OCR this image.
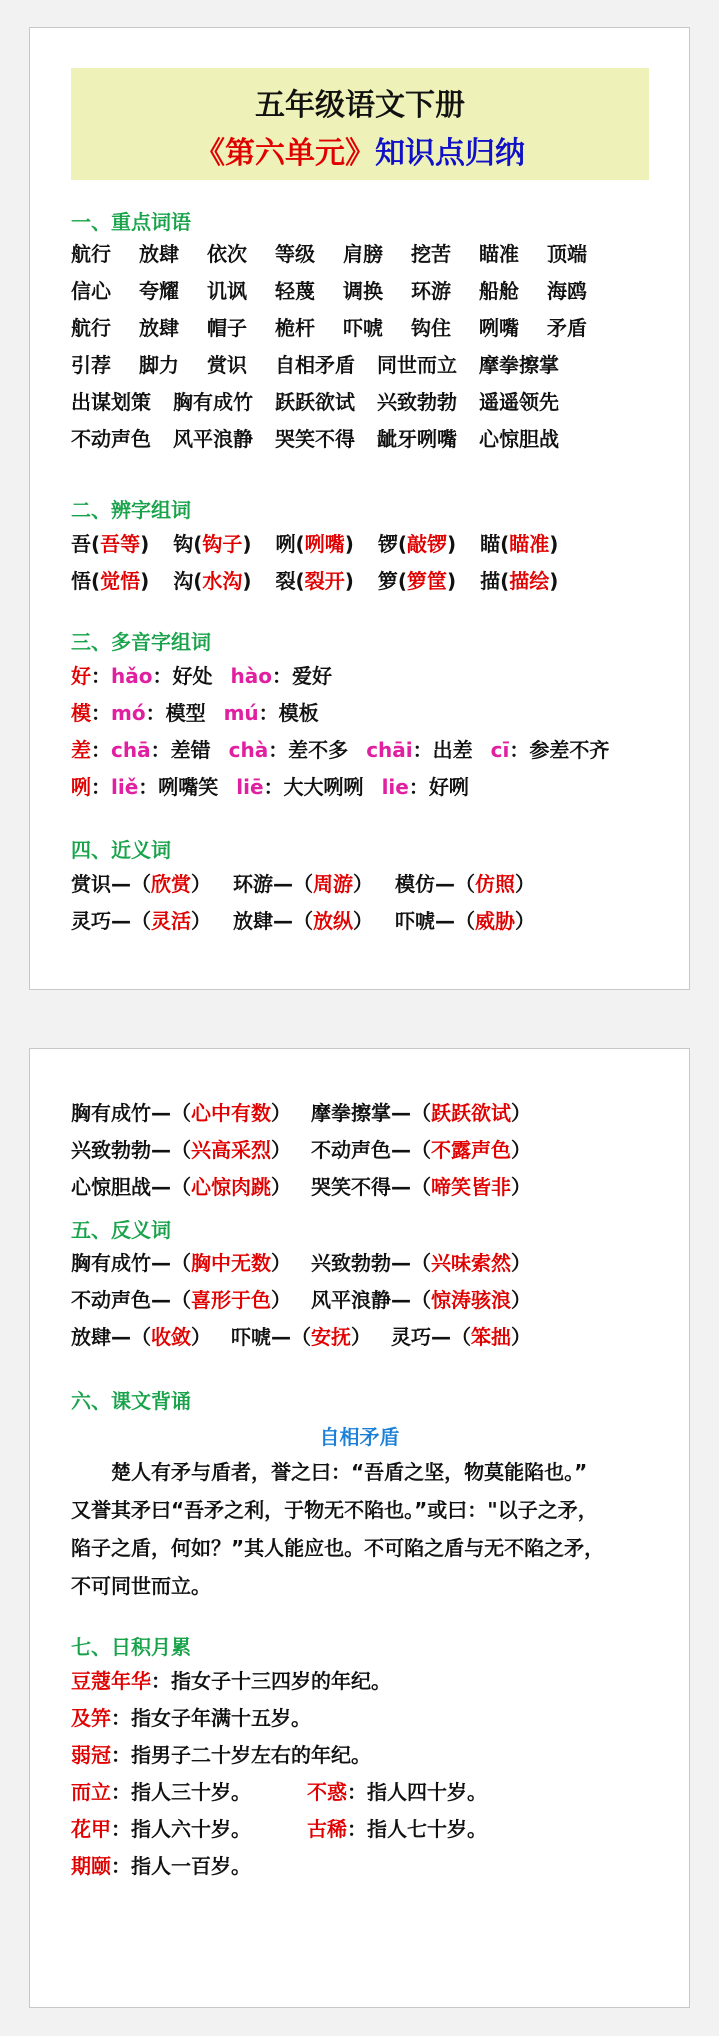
五年级语文下册
《第六单元》知识点归纳
一、重点词语
航行 放肆 依次 等级 肩膀 挖苦 瞄准 顶端
信心 夸耀 讥讽 轻蔑 调换 环游 船舱 海鸥
航行 放肆 帽子 桅杆 吓唬 钩住 咧嘴 矛盾
引荐 脚力 赏识 自相矛盾 同世而立 摩拳擦掌
出谋划策 胸有成竹 跃跃欲试 兴致勃勃 遥遥领先
不动声色 风平浪静 哭笑不得 龇牙咧嘴 心惊胆战
二、辨字组词
吾(吾等) 钩(钩子) 咧(咧嘴) 锣(敲锣) 瞄(瞄准)
悟(觉悟) 沟(水沟) 裂(裂开) 箩(箩筐) 描(描绘)
三、多音字组词
好：hǎo：好处 hào：爱好
模：mó：模型 mú：模板
差：chā：差错 chà：差不多 chāi：出差 cī：参差不齐
咧：liě：咧嘴笑 liē：大大咧咧 lie：好咧
四、近义词
赏识—（欣赏） 环游—（周游） 模仿—（仿照）
灵巧—（灵活） 放肆—（放纵） 吓唬—（威胁）
胸有成竹—（心中有数） 摩拳擦掌—（跃跃欲试）
兴致勃勃—（兴高采烈） 不动声色—（不露声色）
心惊胆战—（心惊肉跳） 哭笑不得—（啼笑皆非）
五、反义词
胸有成竹—（胸中无数） 兴致勃勃—（兴味索然）
不动声色—（喜形于色） 风平浪静—（惊涛骇浪）
放肆—（收敛） 吓唬—（安抚） 灵巧—（笨拙）
六、课文背诵
自相矛盾
楚人有矛与盾者，誉之曰：“吾盾之坚，物莫能陷也。”
又誉其矛曰“吾矛之利，于物无不陷也。”或曰："以子之矛，
陷子之盾，何如？”其人能应也。不可陷之盾与无不陷之矛，
不可同世而立。
七、日积月累
豆蔻年华：指女子十三四岁的年纪。
及笄：指女子年满十五岁。
弱冠：指男子二十岁左右的年纪。
而立：指人三十岁。	不惑：指人四十岁。
花甲：指人六十岁。	古稀：指人七十岁。
期颐：指人一百岁。
